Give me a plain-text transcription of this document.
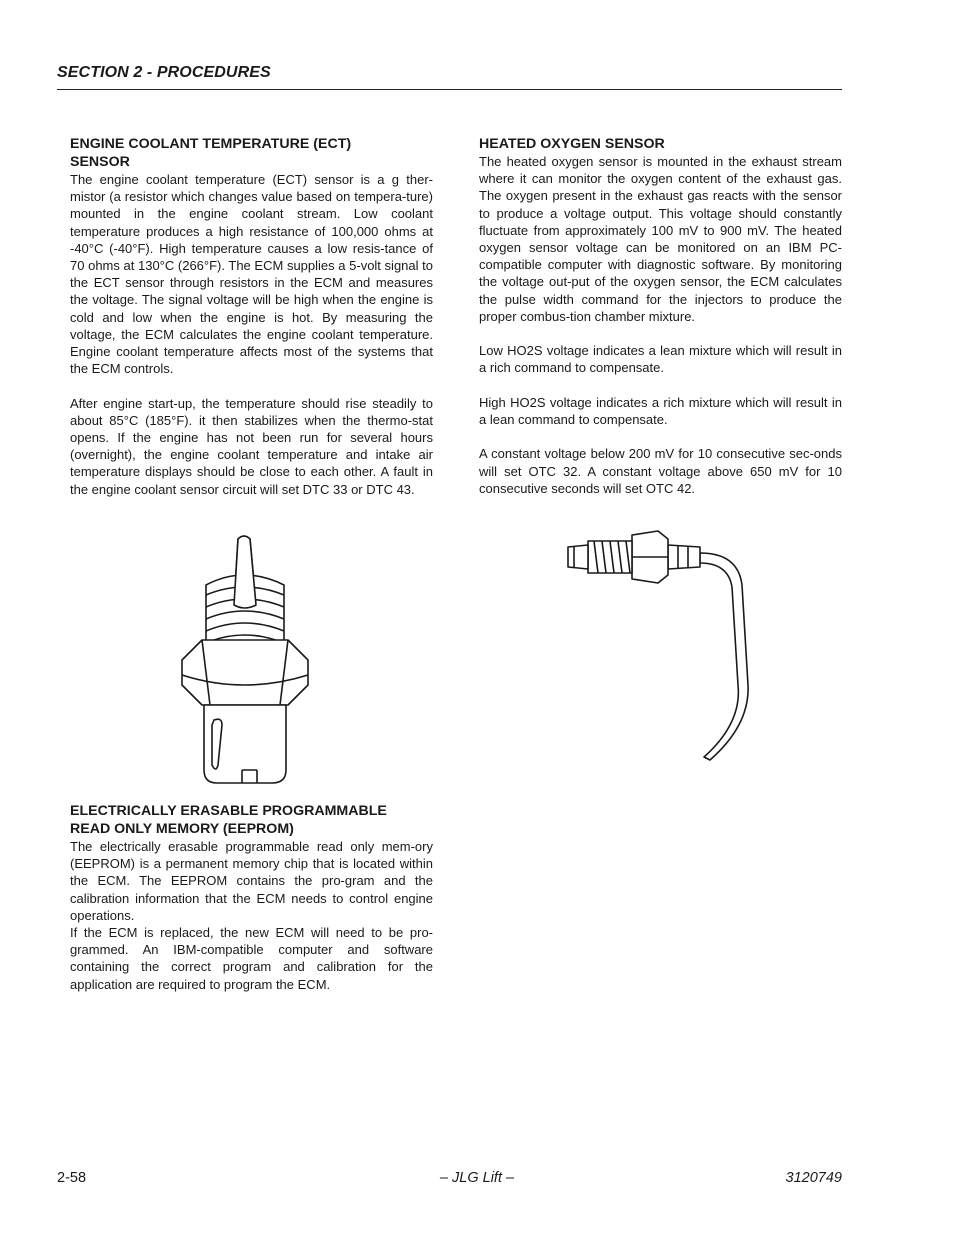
SECTION 2 - PROCEDURES
ENGINE COOLANT TEMPERATURE (ECT)
SENSOR

The engine coolant temperature (ECT) sensor is a g ther-mistor (a resistor which changes value based on tempera-ture) mounted in the engine coolant stream. Low coolant temperature produces a high resistance of 100,000 ohms at -40°C (-40°F). High temperature causes a low resis-tance of 70 ohms at 130°C (266°F). The ECM supplies a 5-volt signal to the ECT sensor through resistors in the ECM and measures the voltage. The signal voltage will be high when the engine is cold and low when the engine is hot. By measuring the voltage, the ECM calculates the engine coolant temperature. Engine coolant temperature affects most of the systems that the ECM controls.

After engine start-up, the temperature should rise steadily to about 85°C (185°F). it then stabilizes when the thermo-stat opens. If the engine has not been run for several hours (overnight), the engine coolant temperature and intake air temperature displays should be close to each other. A fault in the engine coolant sensor circuit will set DTC 33 or DTC 43.

HEATED OXYGEN SENSOR

The heated oxygen sensor is mounted in the exhaust stream where it can monitor the oxygen content of the exhaust gas. The oxygen present in the exhaust gas reacts with the sensor to produce a voltage output. This voltage should constantly fluctuate from approximately 100 mV to 900 mV. The heated oxygen sensor voltage can be monitored on an IBM PC-compatible computer with diagnostic software. By monitoring the voltage out-put of the oxygen sensor, the ECM calculates the pulse width command for the injectors to produce the proper combus-tion chamber mixture.

Low HO2S voltage indicates a lean mixture which will result in a rich command to compensate.

High HO2S voltage indicates a rich mixture which will result in a lean command to compensate.

A constant voltage below 200 mV for 10 consecutive sec-onds will set OTC 32. A constant voltage above 650 mV for 10 consecutive seconds will set OTC 42.

ELECTRICALLY ERASABLE PROGRAMMABLE
READ ONLY MEMORY (EEPROM)

The electrically erasable programmable read only mem-ory (EEPROM) is a permanent memory chip that is located within the ECM. The EEPROM contains the pro-gram and the calibration information that the ECM needs to control engine operations.

If the ECM is replaced, the new ECM will need to be pro-grammed. An IBM-compatible computer and software containing the correct program and calibration for the application are required to program the ECM.

2-58	– JLG Lift –	3120749
